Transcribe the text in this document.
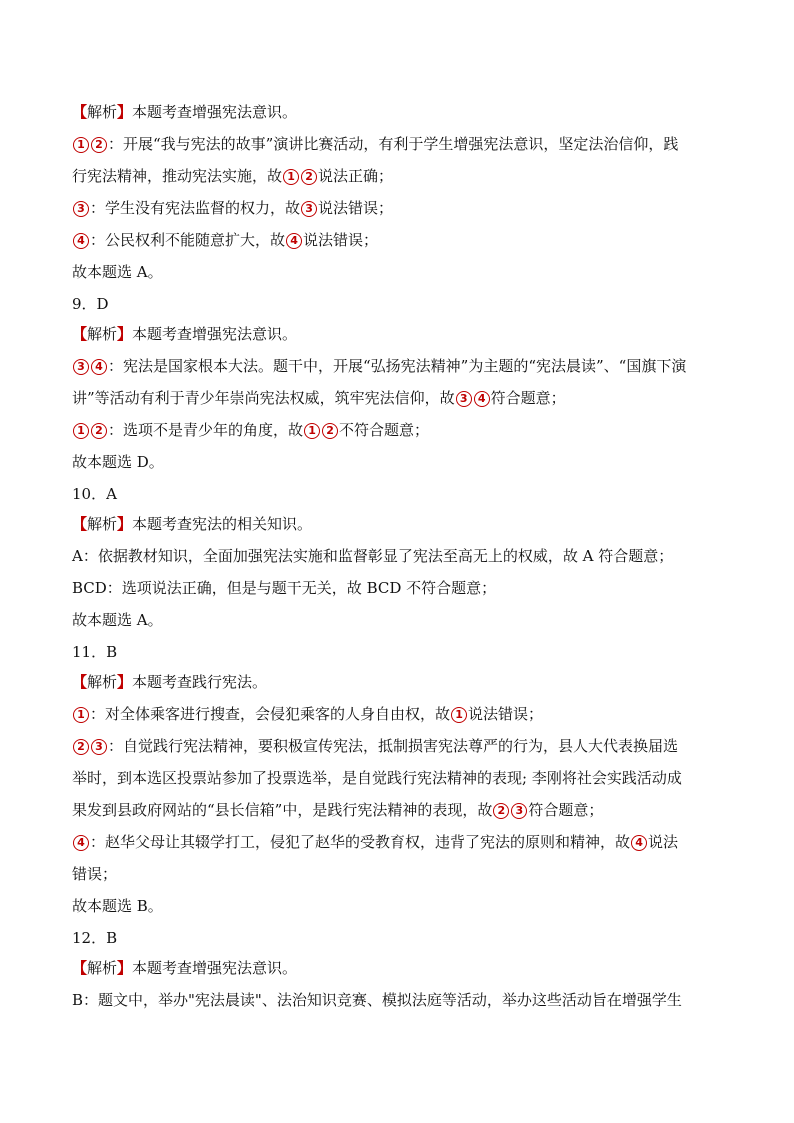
【解析】本题考查增强宪法意识。
1 2 ：开展“我与宪法的故事”演讲比赛活动，有利于学生增强宪法意识，坚定法治信仰，践
行宪法精神，推动宪法实施，故 1 2 说法正确；
3 ：学生没有宪法监督的权力，故 3 说法错误；
4 ：公民权利不能随意扩大，故 4 说法错误；
故本题选 A。
9．D
【解析】本题考查增强宪法意识。
3 4 ：宪法是国家根本大法。题干中，开展“弘扬宪法精神”为主题的“宪法晨读”、“国旗下演
讲”等活动有利于青少年崇尚宪法权威，筑牢宪法信仰，故 3 4 符合题意；
1 2 ：选项不是青少年的角度，故 1 2 不符合题意；
故本题选 D。
10．A
【解析】本题考查宪法的相关知识。
A：依据教材知识，全面加强宪法实施和监督彰显了宪法至高无上的权威，故 A 符合题意；
BCD：选项说法正确，但是与题干无关，故 BCD 不符合题意；
故本题选 A。
11．B
【解析】本题考查践行宪法。
1 ：对全体乘客进行搜查，会侵犯乘客的人身自由权，故 1 说法错误；
2 3 ：自觉践行宪法精神，要积极宣传宪法，抵制损害宪法尊严的行为，县人大代表换届选
举时，到本选区投票站参加了投票选举，是自觉践行宪法精神的表现; 李刚将社会实践活动成
果发到县政府网站的“县长信箱”中，是践行宪法精神的表现，故 2 3 符合题意；
4 ：赵华父母让其辍学打工，侵犯了赵华的受教育权，违背了宪法的原则和精神，故 4 说法
错误；
故本题选 B。
12．B
【解析】本题考查增强宪法意识。
B：题文中，举办"宪法晨读"、法治知识竞赛、模拟法庭等活动，举办这些活动旨在增强学生
